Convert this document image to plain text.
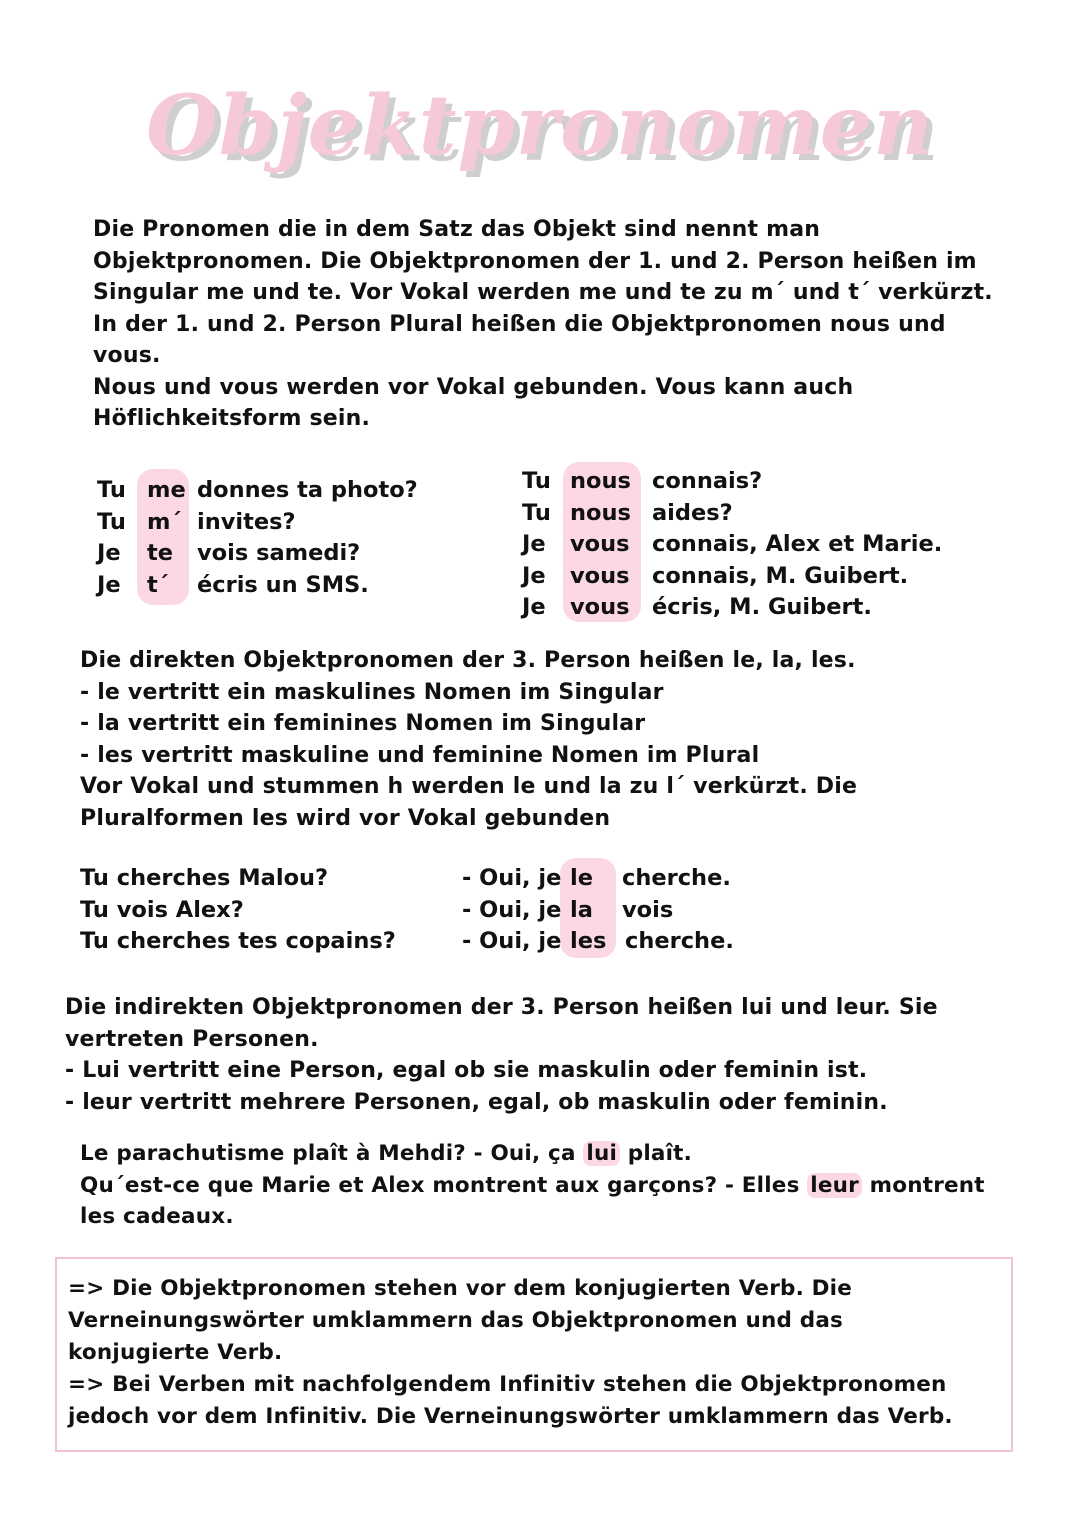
Objektpronomen
Die Pronomen die in dem Satz das Objekt sind nennt man
Objektpronomen. Die Objektpronomen der 1. und 2. Person heißen im
Singular me und te. Vor Vokal werden me und te zu m´ und t´ verkürzt.
In der 1. und 2. Person Plural heißen die Objektpronomen nous und
vous.
Nous und vous werden vor Vokal gebunden. Vous kann auch
Höflichkeitsform sein.
Tu me donnes ta photo?

Tu m´ invites?

Je te vois samedi?

Je t´ écris un SMS.

Tu nous connais?

Tu nous aides?

Je vous connais, Alex et Marie.

Je vous connais, M. Guibert.

Je vous écris, M. Guibert.

Die direkten Objektpronomen der 3. Person heißen le, la, les.
- le vertritt ein maskulines Nomen im Singular
- la vertritt ein feminines Nomen im Singular
- les vertritt maskuline und feminine Nomen im Plural
Vor Vokal und stummen h werden le und la zu l´ verkürzt. Die
Pluralformen les wird vor Vokal gebunden
Tu cherches Malou?
Tu vois Alex?
Tu cherches tes copains?
- Oui, je le cherche.

- Oui, je la vois

- Oui, je les cherche.

Die indirekten Objektpronomen der 3. Person heißen lui und leur. Sie
vertreten Personen.
- Lui vertritt eine Person, egal ob sie maskulin oder feminin ist.
- leur vertritt mehrere Personen, egal, ob maskulin oder feminin.
Le parachutisme plaît à Mehdi? - Oui, ça lui plaît.
Qu´est-ce que Marie et Alex montrent aux garçons? - Elles leur montrent
les cadeaux.
=> Die Objektpronomen stehen vor dem konjugierten Verb. Die
Verneinungswörter umklammern das Objektpronomen und das
konjugierte Verb.
=> Bei Verben mit nachfolgendem Infinitiv stehen die Objektpronomen
jedoch vor dem Infinitiv. Die Verneinungswörter umklammern das Verb.
